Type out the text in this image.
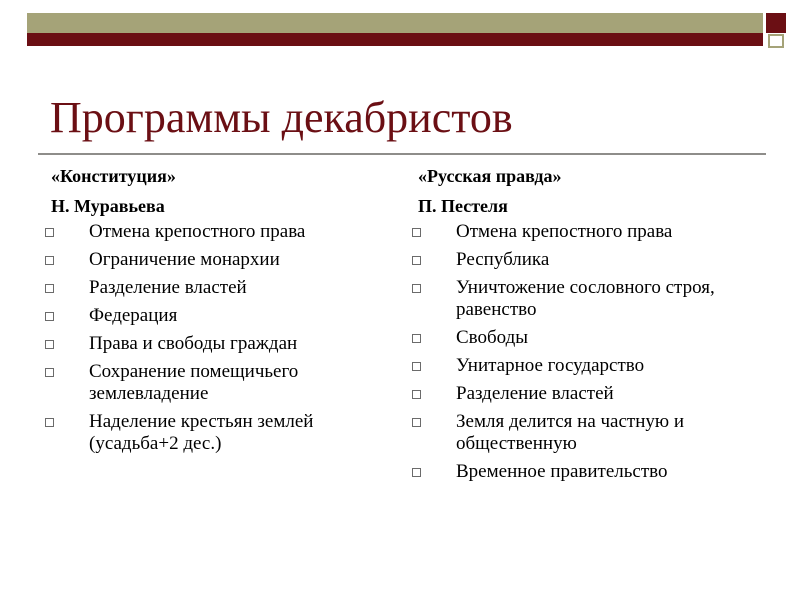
Программы декабристов

«Конституция»

Н. Муравьева

Отмена крепостного права
Ограничение монархии
Разделение властей
Федерация
Права и свободы граждан
Сохранение помещичьего землевладение
Наделение крестьян землей (усадьба+2 дес.)

«Русская правда»

П. Пестеля

Отмена крепостного права
Республика
Уничтожение сословного строя, равенство
Свободы
Унитарное государство
Разделение властей
Земля делится на частную и общественную
Временное правительство
